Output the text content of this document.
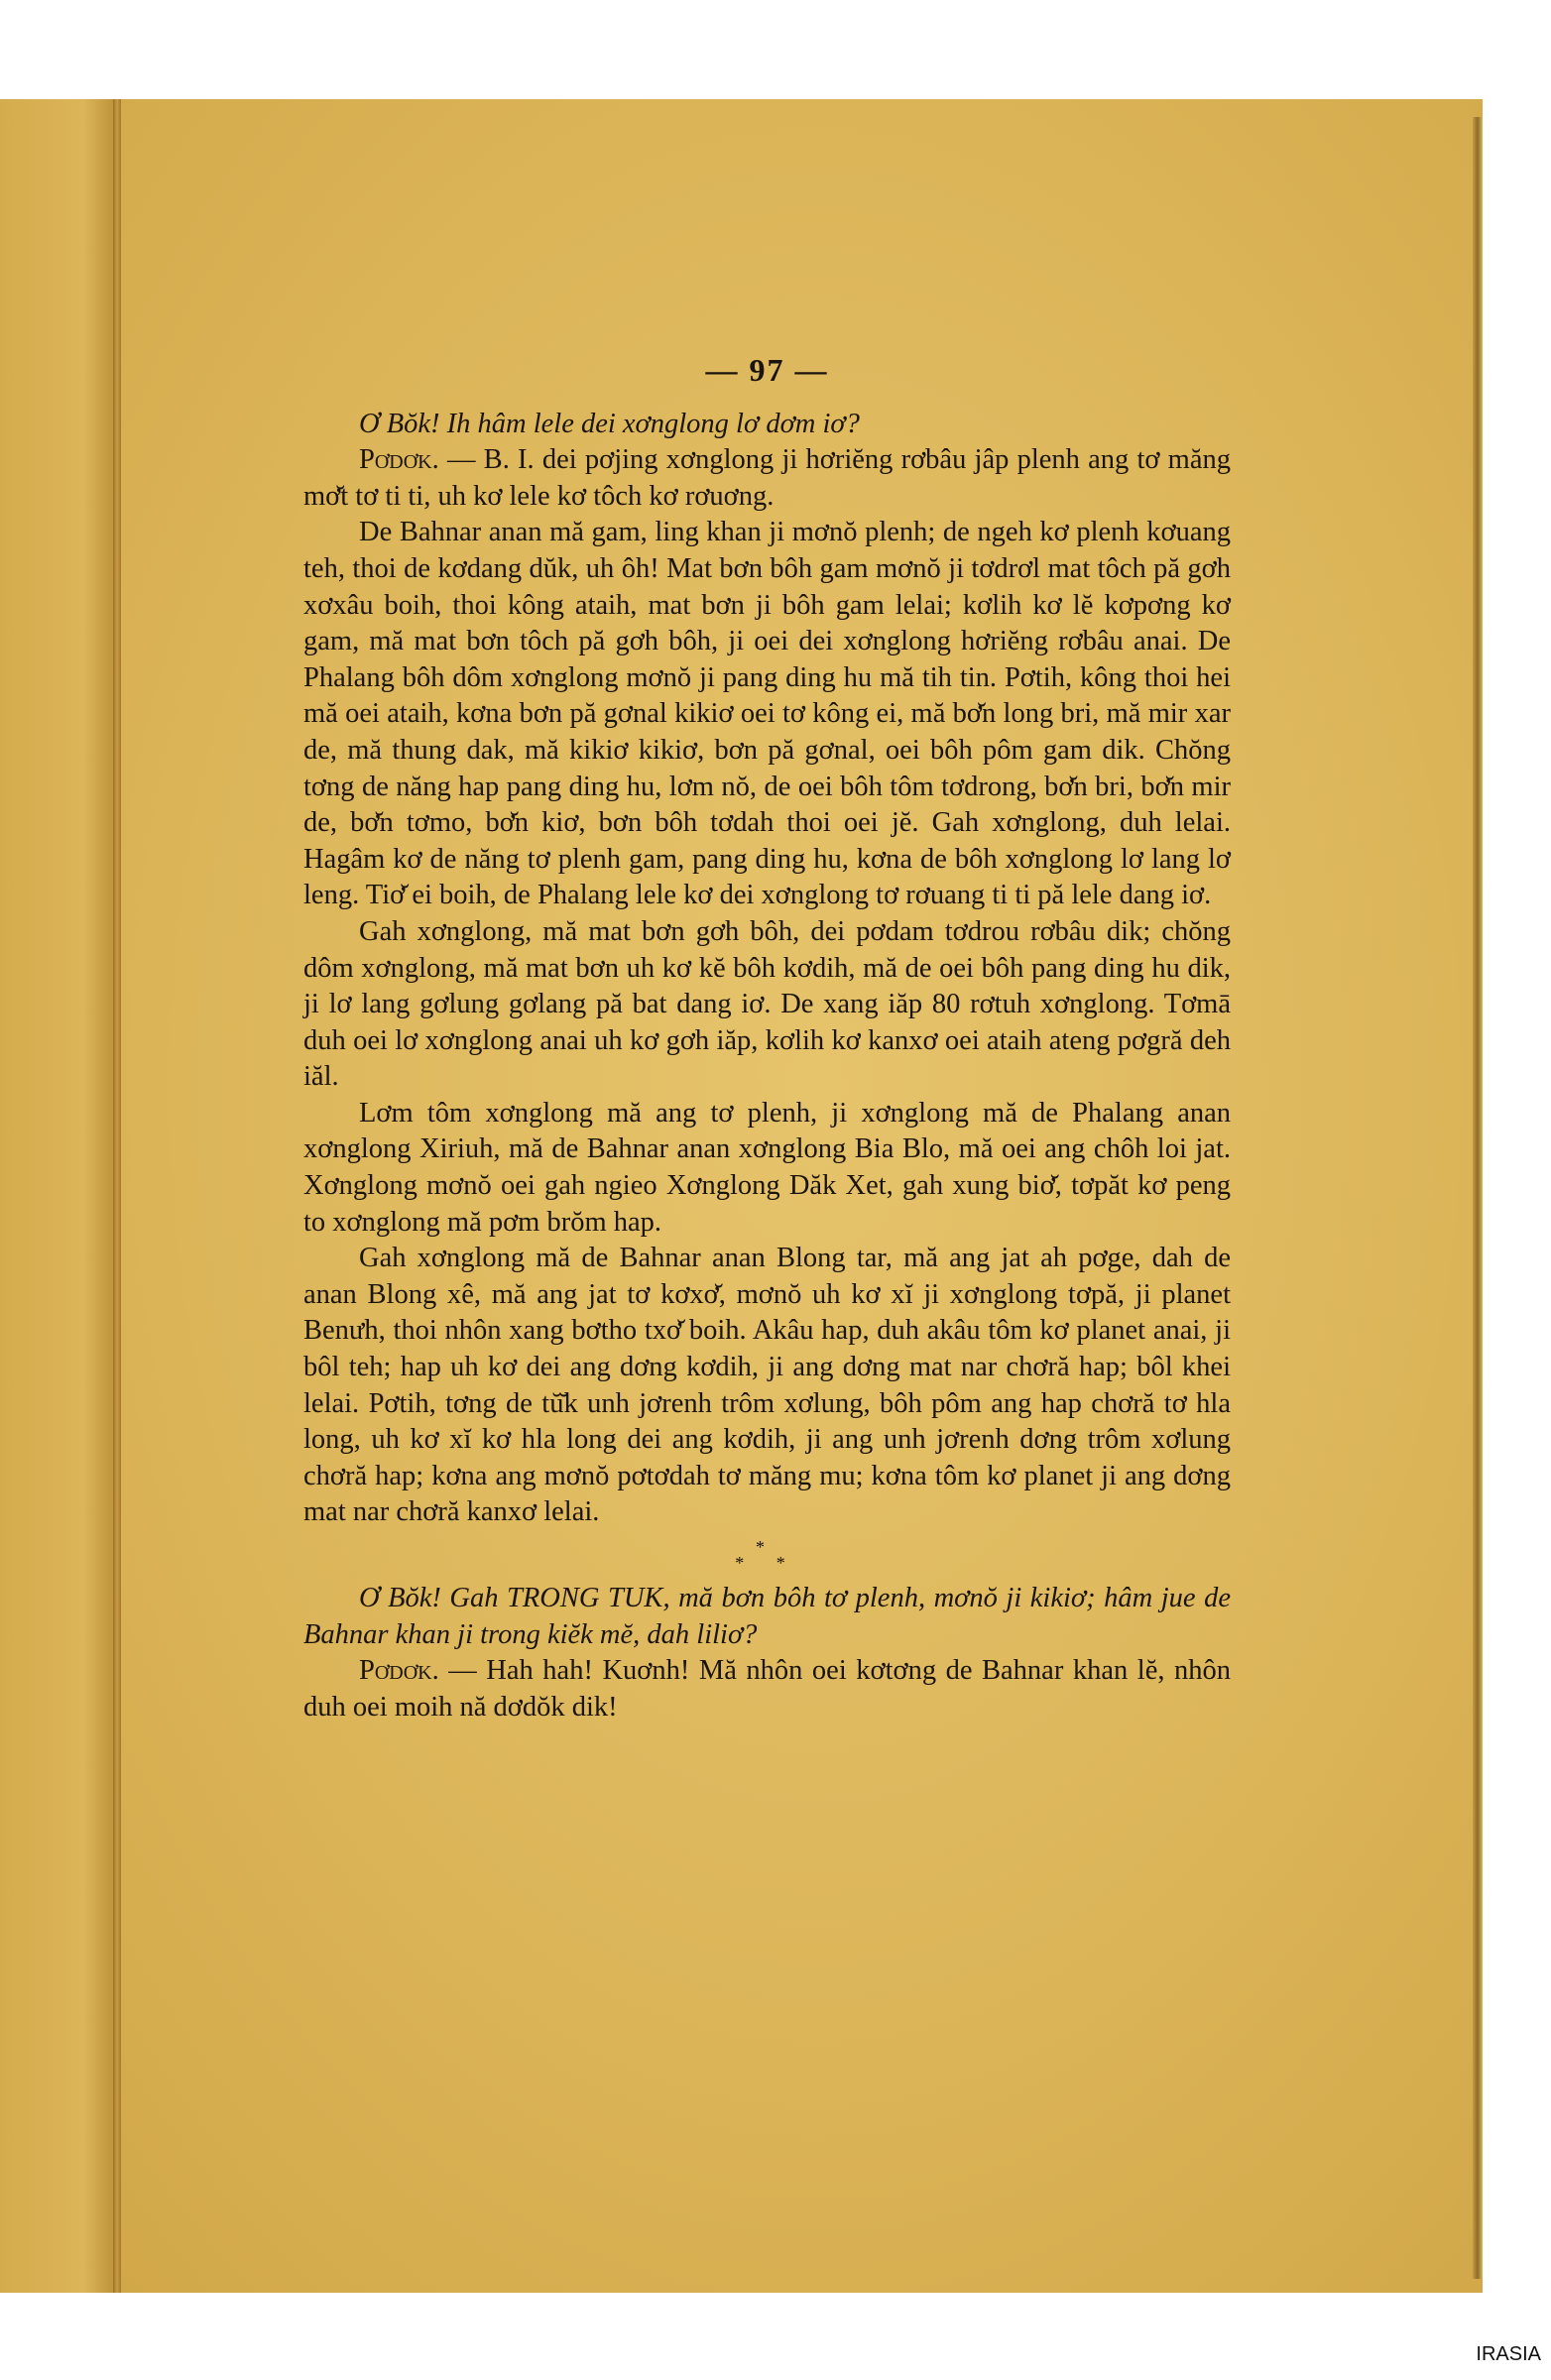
— 97 —

Ơ Bŏk! Ih hâm lele dei xơnglong lơ dơm iơ?

Pơdơk. — B. I. dei pơjing xơnglong ji hơriĕng rơbâu jâp plenh ang tơ măng mơ̆t tơ ti ti, uh kơ lele kơ tôch kơ rơuơng.

De Bahnar anan mă gam, ling khan ji mơnŏ plenh; de ngeh kơ plenh kơuang teh, thoi de kơdang dŭk, uh ôh! Mat bơn bôh gam mơnŏ ji tơdrơl mat tôch pă gơh xơxâu boih, thoi kông ataih, mat bơn ji bôh gam lelai; kơlih kơ lĕ kơpơng kơ gam, mă mat bơn tôch pă gơh bôh, ji oei dei xơnglong hơriĕng rơbâu anai. De Phalang bôh dôm xơnglong mơnŏ ji pang ding hu mă tih tin. Pơtih, kông thoi hei mă oei ataih, kơna bơn pă gơnal kikiơ oei tơ kông ei, mă bơ̆n long bri, mă mir xar de, mă thung dak, mă kikiơ kikiơ, bơn pă gơnal, oei bôh pôm gam dik. Chŏng tơng de năng hap pang ding hu, lơm nŏ, de oei bôh tôm tơdrong, bơ̆n bri, bơ̆n mir de, bơ̆n tơmo, bơ̆n kiơ, bơn bôh tơdah thoi oei jĕ. Gah xơnglong, duh lelai. Hagâm kơ de năng tơ plenh gam, pang ding hu, kơna de bôh xơnglong lơ lang lơ leng. Tiơ̆ ei boih, de Phalang lele kơ dei xơnglong tơ rơuang ti ti pă lele dang iơ.

Gah xơnglong, mă mat bơn gơh bôh, dei pơdam tơdrou rơbâu dik; chŏng dôm xơnglong, mă mat bơn uh kơ kĕ bôh kơdih, mă de oei bôh pang ding hu dik, ji lơ lang gơlung gơlang pă bat dang iơ. De xang iăp 80 rơtuh xơnglong. Tơmā duh oei lơ xơnglong anai uh kơ gơh iăp, kơlih kơ kanxơ oei ataih ateng pơgră deh iăl.

Lơm tôm xơnglong mă ang tơ plenh, ji xơnglong mă de Phalang anan xơnglong Xiriuh, mă de Bahnar anan xơnglong Bia Blo, mă oei ang chôh loi jat. Xơnglong mơnŏ oei gah ngieo Xơnglong Dăk Xet, gah xung biơ̆, tơpăt kơ peng to xơnglong mă pơm brŏm hap.

Gah xơnglong mă de Bahnar anan Blong tar, mă ang jat ah pơge, dah de anan Blong xê, mă ang jat tơ kơxơ̆, mơnŏ uh kơ xĭ ji xơnglong tơpă, ji planet Benưh, thoi nhôn xang bơtho txơ̆ boih. Akâu hap, duh akâu tôm kơ planet anai, ji bôl teh; hap uh kơ dei ang dơng kơdih, ji ang dơng mat nar chơră hap; bôl khei lelai. Pơtih, tơng de tŭ̆k unh jơrenh trôm xơlung, bôh pôm ang hap chơră tơ hla long, uh kơ xĭ kơ hla long dei ang kơdih, ji ang unh jơrenh dơng trôm xơlung chơră hap; kơna ang mơnŏ pơtơdah tơ măng mu; kơna tôm kơ planet ji ang dơng mat nar chơră kanxơ lelai.

*
* *

Ơ Bŏk! Gah TRONG TUK, mă bơn bôh tơ plenh, mơnŏ ji kikiơ; hâm jue de Bahnar khan ji trong kiĕk mĕ, dah liliơ?

Pơdơk. — Hah hah! Kuơnh! Mă nhôn oei kơtơng de Bahnar khan lĕ, nhôn duh oei moih nă dơdŏk dik!

IRASIA
